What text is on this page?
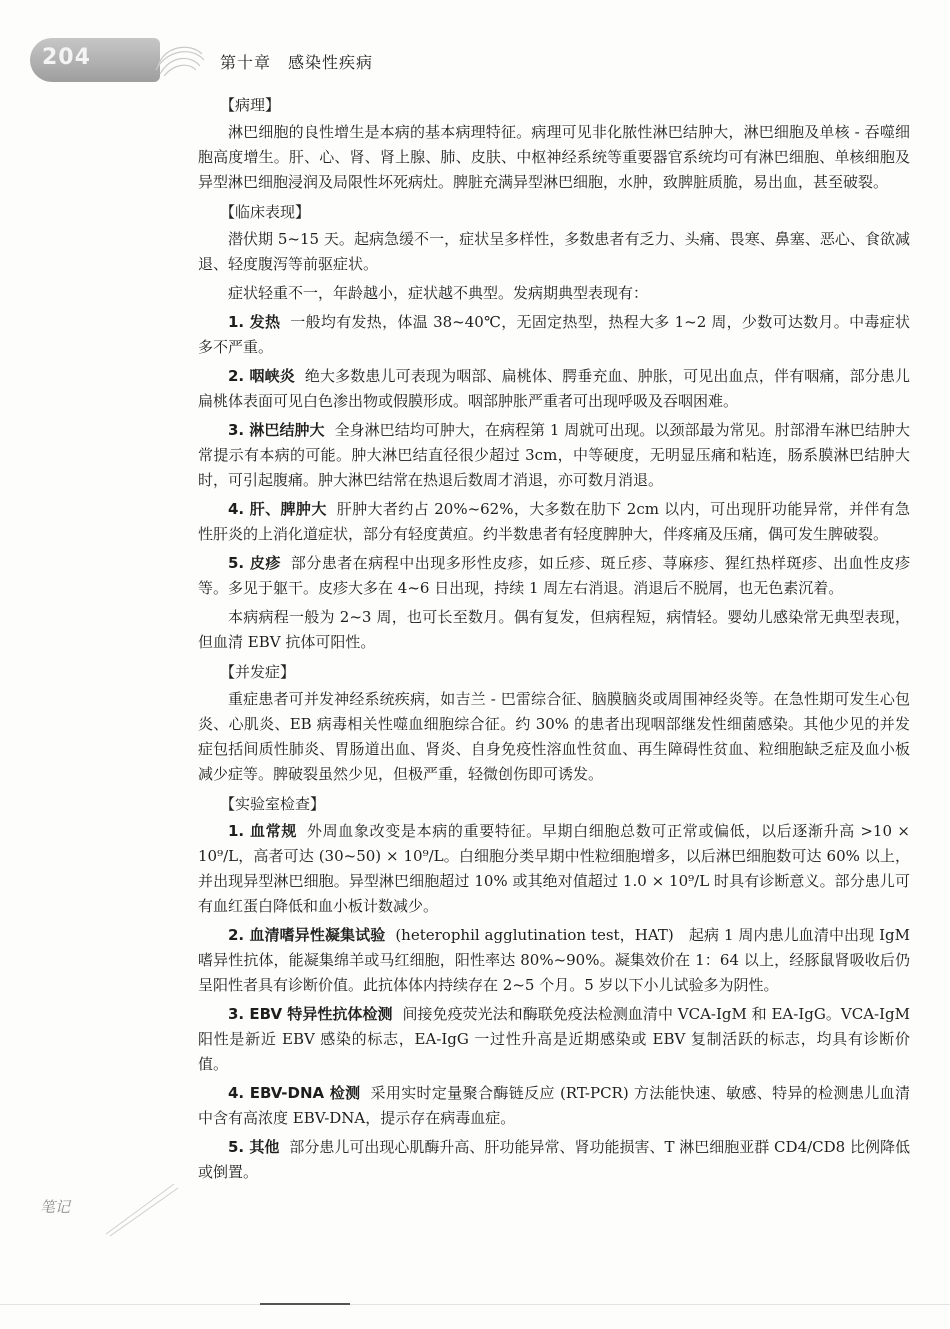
204	第十章　感染性疾病
【病理】

淋巴细胞的良性增生是本病的基本病理特征。病理可见非化脓性淋巴结肿大，淋巴细胞及单核 - 吞噬细胞高度增生。肝、心、肾、肾上腺、肺、皮肤、中枢神经系统等重要器官系统均可有淋巴细胞、单核细胞及异型淋巴细胞浸润及局限性坏死病灶。脾脏充满异型淋巴细胞，水肿，致脾脏质脆，易出血，甚至破裂。

【临床表现】

潜伏期 5~15 天。起病急缓不一，症状呈多样性，多数患者有乏力、头痛、畏寒、鼻塞、恶心、食欲减退、轻度腹泻等前驱症状。

症状轻重不一，年龄越小，症状越不典型。发病期典型表现有：

1. 发热 一般均有发热，体温 38~40℃，无固定热型，热程大多 1~2 周，少数可达数月。中毒症状多不严重。

2. 咽峡炎 绝大多数患儿可表现为咽部、扁桃体、腭垂充血、肿胀，可见出血点，伴有咽痛，部分患儿扁桃体表面可见白色渗出物或假膜形成。咽部肿胀严重者可出现呼吸及吞咽困难。

3. 淋巴结肿大 全身淋巴结均可肿大，在病程第 1 周就可出现。以颈部最为常见。肘部滑车淋巴结肿大常提示有本病的可能。肿大淋巴结直径很少超过 3cm，中等硬度，无明显压痛和粘连，肠系膜淋巴结肿大时，可引起腹痛。肿大淋巴结常在热退后数周才消退，亦可数月消退。

4. 肝、脾肿大 肝肿大者约占 20%~62%，大多数在肋下 2cm 以内，可出现肝功能异常，并伴有急性肝炎的上消化道症状，部分有轻度黄疸。约半数患者有轻度脾肿大，伴疼痛及压痛，偶可发生脾破裂。

5. 皮疹 部分患者在病程中出现多形性皮疹，如丘疹、斑丘疹、荨麻疹、猩红热样斑疹、出血性皮疹等。多见于躯干。皮疹大多在 4~6 日出现，持续 1 周左右消退。消退后不脱屑，也无色素沉着。

本病病程一般为 2~3 周，也可长至数月。偶有复发，但病程短，病情轻。婴幼儿感染常无典型表现，但血清 EBV 抗体可阳性。

【并发症】

重症患者可并发神经系统疾病，如吉兰 - 巴雷综合征、脑膜脑炎或周围神经炎等。在急性期可发生心包炎、心肌炎、EB 病毒相关性噬血细胞综合征。约 30% 的患者出现咽部继发性细菌感染。其他少见的并发症包括间质性肺炎、胃肠道出血、肾炎、自身免疫性溶血性贫血、再生障碍性贫血、粒细胞缺乏症及血小板减少症等。脾破裂虽然少见，但极严重，轻微创伤即可诱发。

【实验室检查】

1. 血常规 外周血象改变是本病的重要特征。早期白细胞总数可正常或偏低，以后逐渐升高 >10 × 10⁹/L，高者可达 (30~50) × 10⁹/L。白细胞分类早期中性粒细胞增多，以后淋巴细胞数可达 60% 以上，并出现异型淋巴细胞。异型淋巴细胞超过 10% 或其绝对值超过 1.0 × 10⁹/L 时具有诊断意义。部分患儿可有血红蛋白降低和血小板计数减少。

2. 血清嗜异性凝集试验 (heterophil agglutination test，HAT)　起病 1 周内患儿血清中出现 IgM 嗜异性抗体，能凝集绵羊或马红细胞，阳性率达 80%~90%。凝集效价在 1：64 以上，经豚鼠肾吸收后仍呈阳性者具有诊断价值。此抗体体内持续存在 2~5 个月。5 岁以下小儿试验多为阴性。

3. EBV 特异性抗体检测 间接免疫荧光法和酶联免疫法检测血清中 VCA-IgM 和 EA-IgG。VCA-IgM 阳性是新近 EBV 感染的标志，EA-IgG 一过性升高是近期感染或 EBV 复制活跃的标志，均具有诊断价值。

4. EBV-DNA 检测 采用实时定量聚合酶链反应 (RT-PCR) 方法能快速、敏感、特异的检测患儿血清中含有高浓度 EBV-DNA，提示存在病毒血症。

5. 其他 部分患儿可出现心肌酶升高、肝功能异常、肾功能损害、T 淋巴细胞亚群 CD4/CD8 比例降低或倒置。

笔记
